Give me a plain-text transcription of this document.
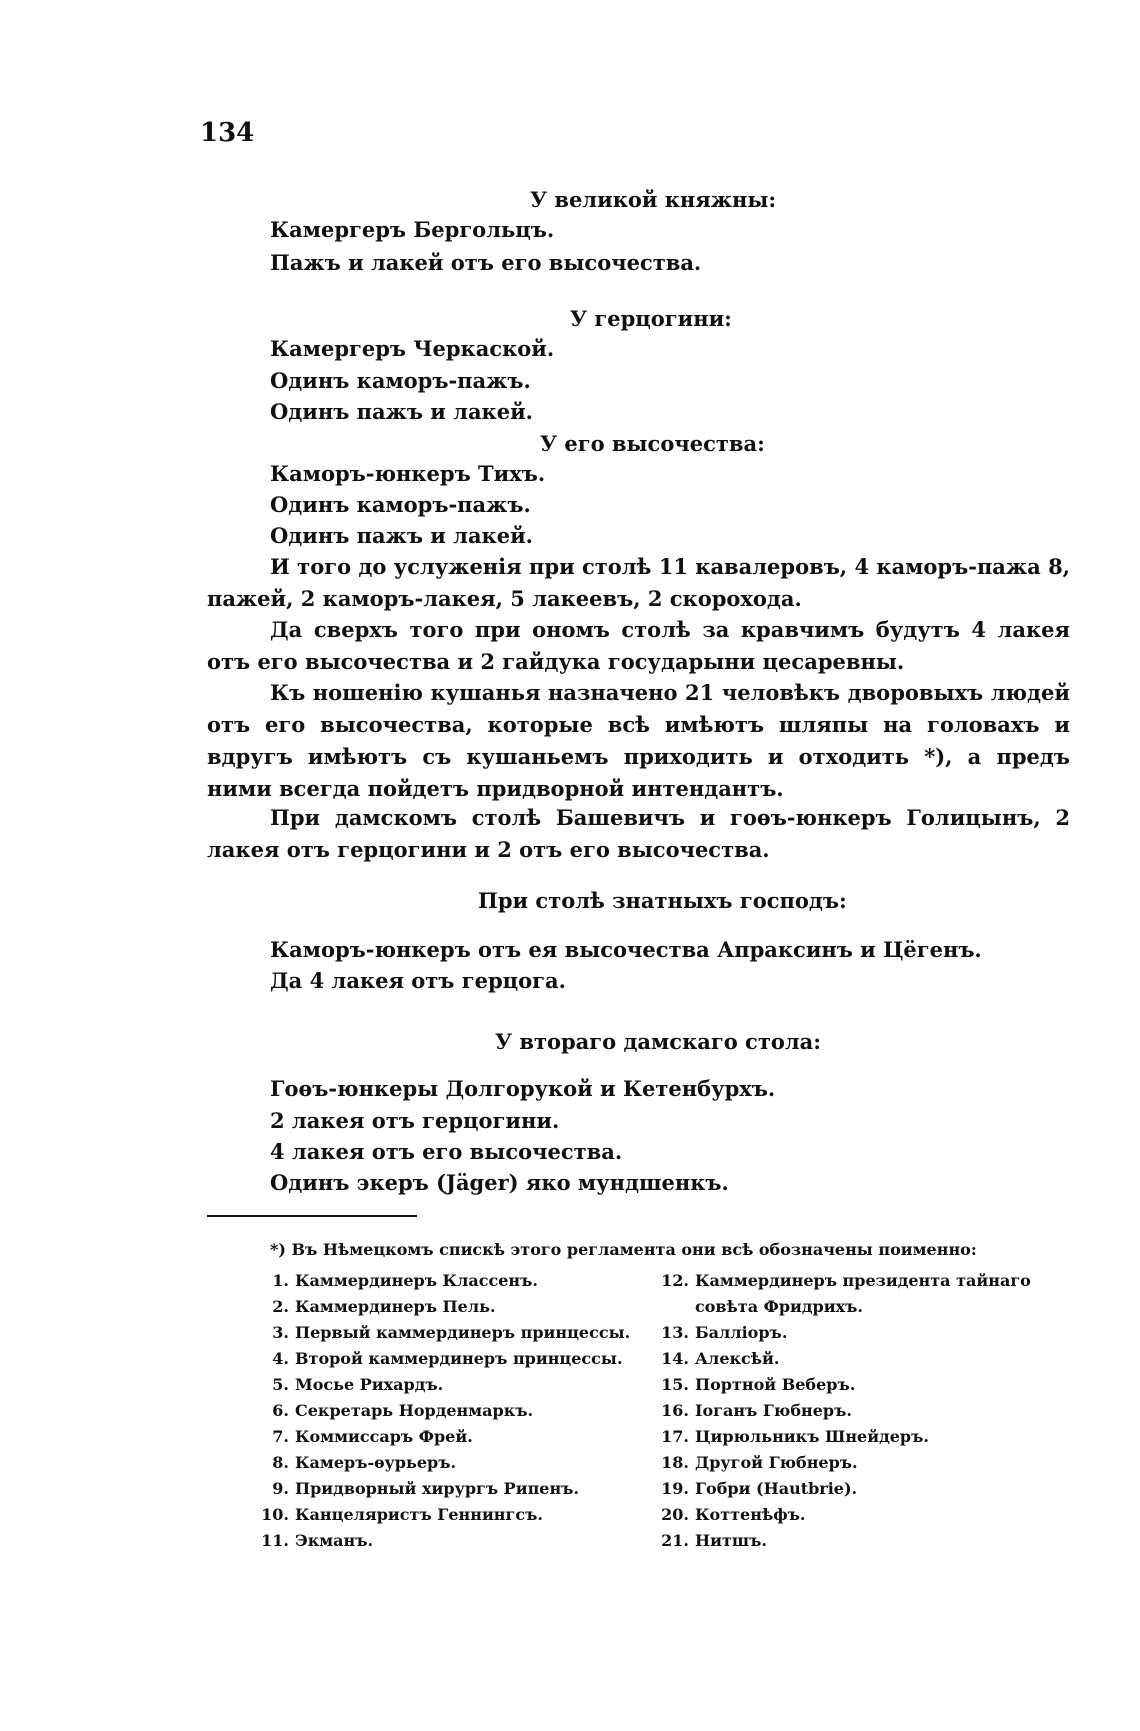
134
У великой княжны:
Камергеръ Бергольцъ.
Пажъ и лакей отъ его высочества.
У герцогини:
Камергеръ Черкаской.
Одинъ каморъ-пажъ.
Одинъ пажъ и лакей.
У его высочества:
Каморъ-юнкеръ Тихъ.
Одинъ каморъ-пажъ.
Одинъ пажъ и лакей.
И того до услуженія при столѣ 11 кавалеровъ, 4 каморъ-пажа 8, пажей, 2 каморъ-лакея, 5 лакеевъ, 2 скорохода.
Да сверхъ того при ономъ столѣ за кравчимъ будутъ 4 лакея отъ его высочества и 2 гайдука государыни цесаревны.
Къ ношенію кушанья назначено 21 человѣкъ дворовыхъ людей отъ его высочества, которые всѣ имѣютъ шляпы на головахъ и вдругъ имѣютъ съ кушаньемъ приходить и отходить *), а предъ ними всегда пойдетъ придворной интендантъ.
При дамскомъ столѣ Башевичъ и гоѳъ-юнкеръ Голицынъ, 2 лакея отъ герцогини и 2 отъ его высочества.
При столѣ знатныхъ господъ:
Каморъ-юнкеръ отъ ея высочества Апраксинъ и Цёгенъ.
Да 4 лакея отъ герцога.
У втораго дамскаго стола:
Гоѳъ-юнкеры Долгорукой и Кетенбурхъ.
2 лакея отъ герцогини.
4 лакея отъ его высочества.
Одинъ экеръ (Jäger) яко мундшенкъ.
*) Въ Нѣмецкомъ спискѣ этого регламента они всѣ обозначены поименно:
1. Каммердинеръ Классенъ.
2. Каммердинеръ Пель.
3. Первый каммердинеръ принцессы.
4. Второй каммердинеръ принцессы.
5. Мосье Рихардъ.
6. Секретарь Норденмаркъ.
7. Коммиссаръ Фрей.
8. Камеръ-ѳурьеръ.
9. Придворный хирургъ Рипенъ.
10. Канцеляристъ Геннингсъ.
11. Экманъ.
12. Каммердинеръ президента тайнаго совѣта Фридрихъ.
13. Балліоръ.
14. Алексѣй.
15. Портной Веберъ.
16. Іоганъ Гюбнеръ.
17. Цирюльникъ Шнейдеръ.
18. Другой Гюбнеръ.
19. Гобри (Hautbrie).
20. Коттенѣфъ.
21. Нитшъ.
